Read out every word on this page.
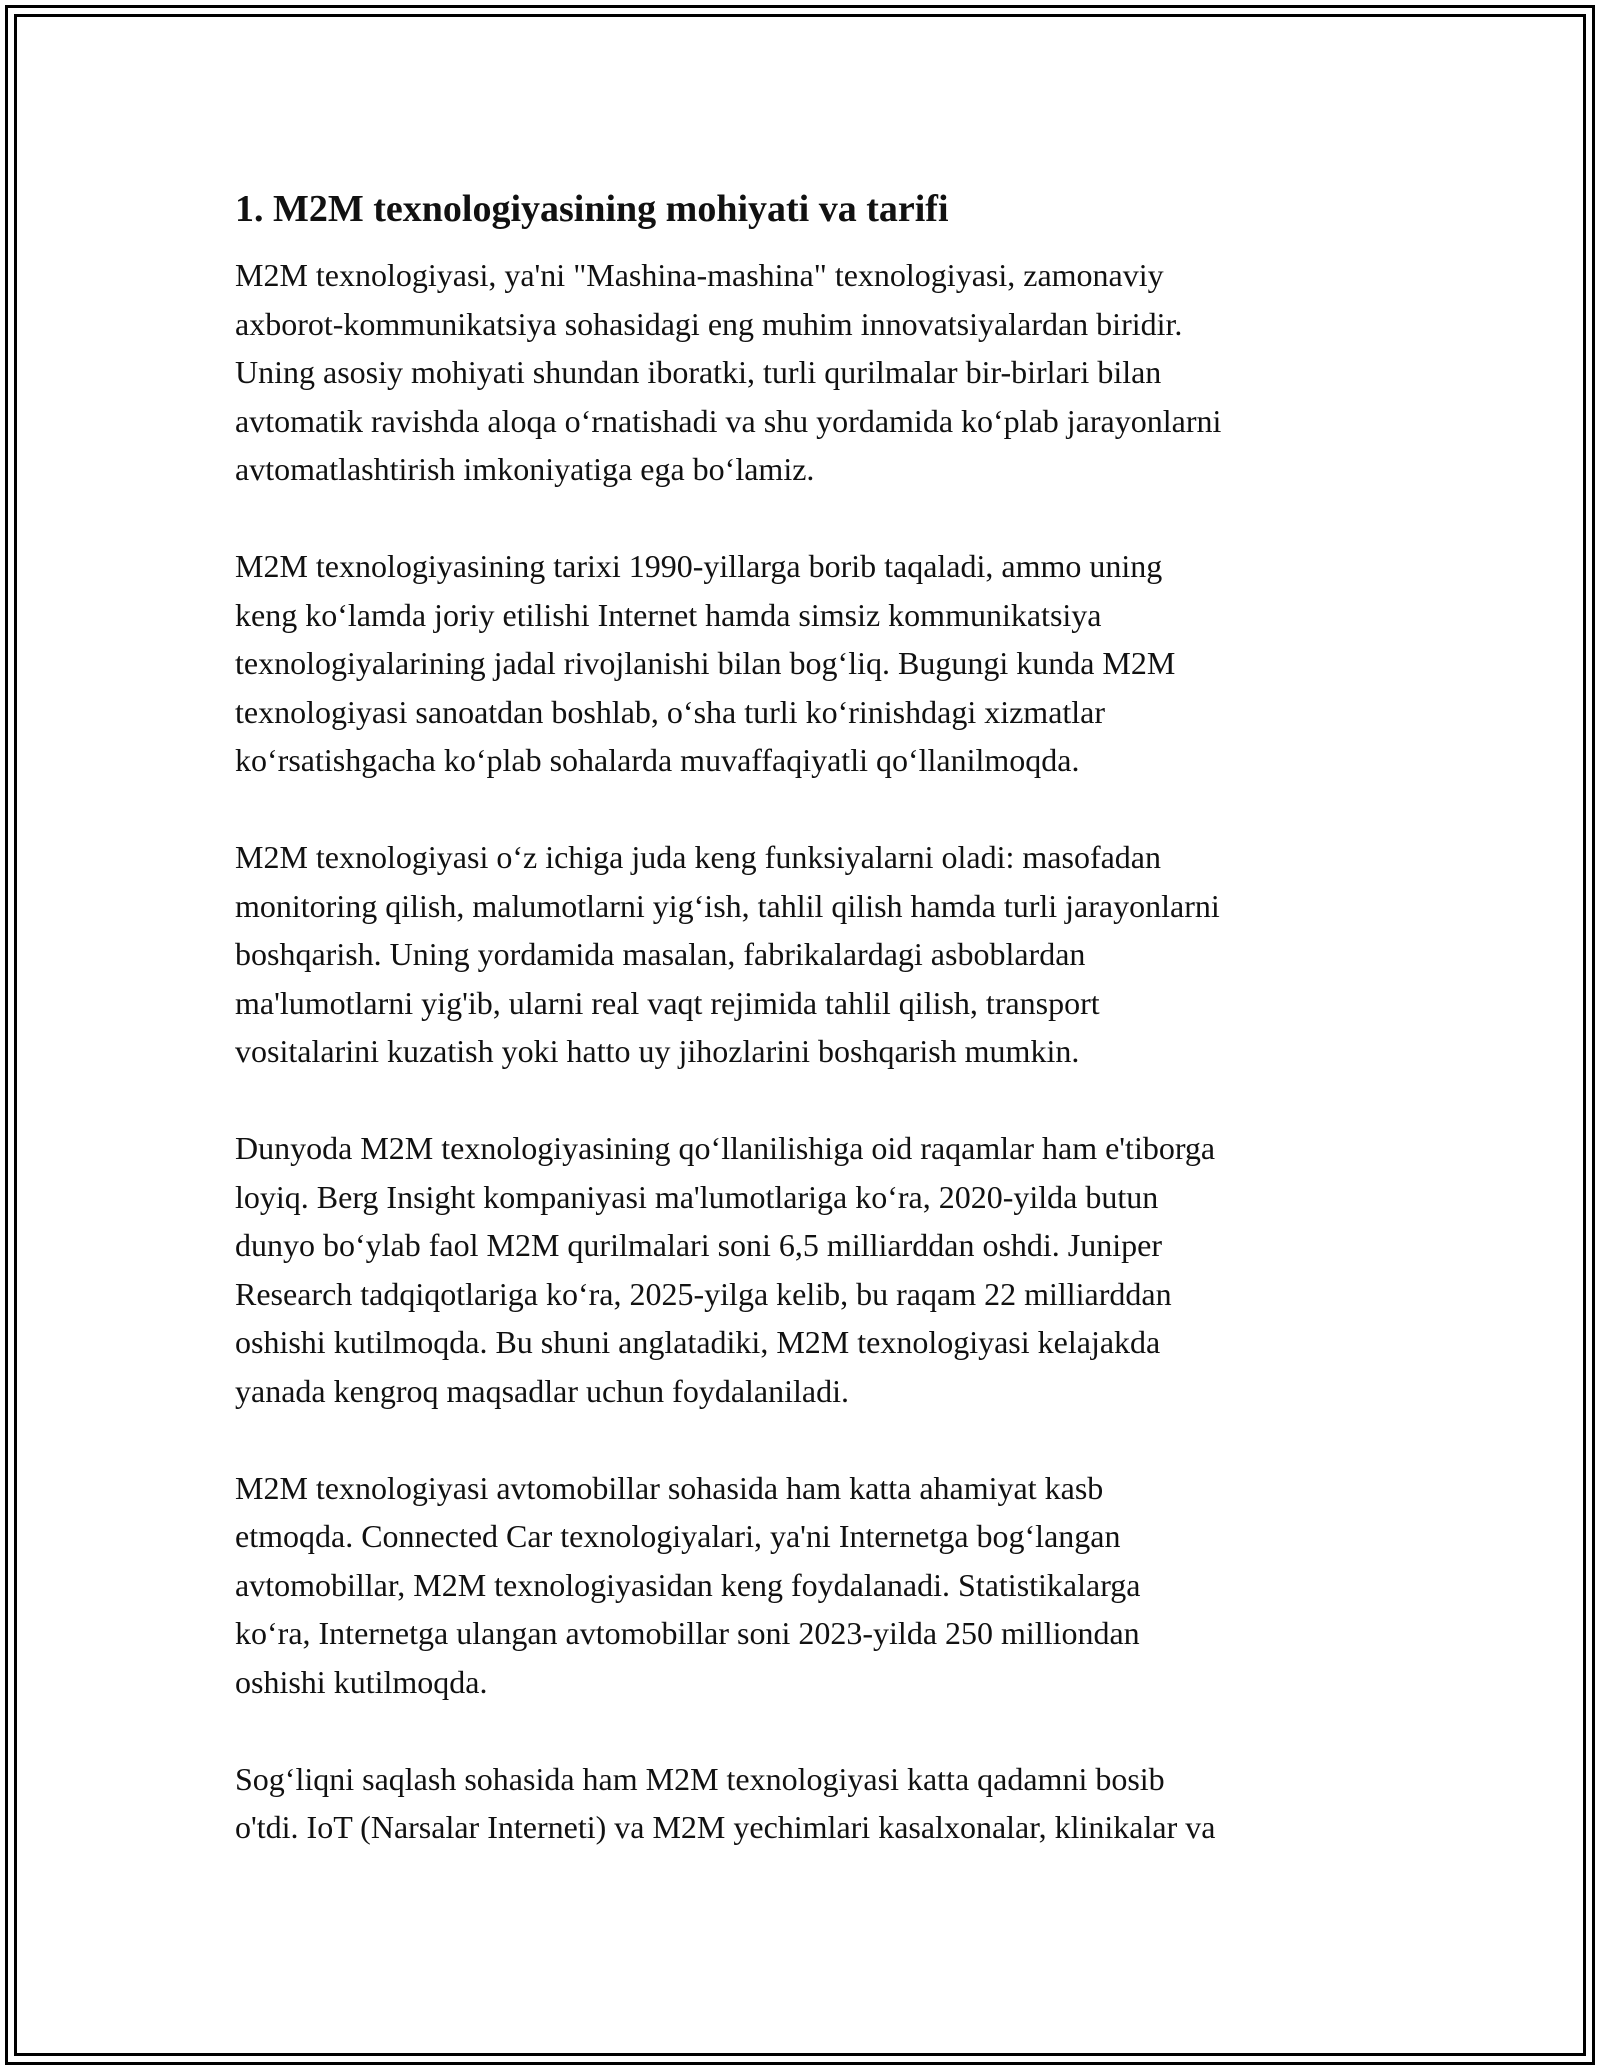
1. M2M texnologiyasining mohiyati va tarifi

M2M texnologiyasi, ya'ni "Mashina-mashina" texnologiyasi, zamonaviy
axborot-kommunikatsiya sohasidagi eng muhim innovatsiyalardan biridir.
Uning asosiy mohiyati shundan iboratki, turli qurilmalar bir-birlari bilan
avtomatik ravishda aloqa o‘rnatishadi va shu yordamida ko‘plab jarayonlarni
avtomatlashtirish imkoniyatiga ega bo‘lamiz.

M2M texnologiyasining tarixi 1990-yillarga borib taqaladi, ammo uning
keng ko‘lamda joriy etilishi Internet hamda simsiz kommunikatsiya
texnologiyalarining jadal rivojlanishi bilan bog‘liq. Bugungi kunda M2M
texnologiyasi sanoatdan boshlab, o‘sha turli ko‘rinishdagi xizmatlar
ko‘rsatishgacha ko‘plab sohalarda muvaffaqiyatli qo‘llanilmoqda.

M2M texnologiyasi o‘z ichiga juda keng funksiyalarni oladi: masofadan
monitoring qilish, malumotlarni yig‘ish, tahlil qilish hamda turli jarayonlarni
boshqarish. Uning yordamida masalan, fabrikalardagi asboblardan
ma'lumotlarni yig'ib, ularni real vaqt rejimida tahlil qilish, transport
vositalarini kuzatish yoki hatto uy jihozlarini boshqarish mumkin.

Dunyoda M2M texnologiyasining qo‘llanilishiga oid raqamlar ham e'tiborga
loyiq. Berg Insight kompaniyasi ma'lumotlariga ko‘ra, 2020-yilda butun
dunyo bo‘ylab faol M2M qurilmalari soni 6,5 milliarddan oshdi. Juniper
Research tadqiqotlariga ko‘ra, 2025-yilga kelib, bu raqam 22 milliarddan
oshishi kutilmoqda. Bu shuni anglatadiki, M2M texnologiyasi kelajakda
yanada kengroq maqsadlar uchun foydalaniladi.

M2M texnologiyasi avtomobillar sohasida ham katta ahamiyat kasb
etmoqda. Connected Car texnologiyalari, ya'ni Internetga bog‘langan
avtomobillar, M2M texnologiyasidan keng foydalanadi. Statistikalarga
ko‘ra, Internetga ulangan avtomobillar soni 2023-yilda 250 milliondan
oshishi kutilmoqda.

Sog‘liqni saqlash sohasida ham M2M texnologiyasi katta qadamni bosib
o'tdi. IoT (Narsalar Interneti) va M2M yechimlari kasalxonalar, klinikalar va
